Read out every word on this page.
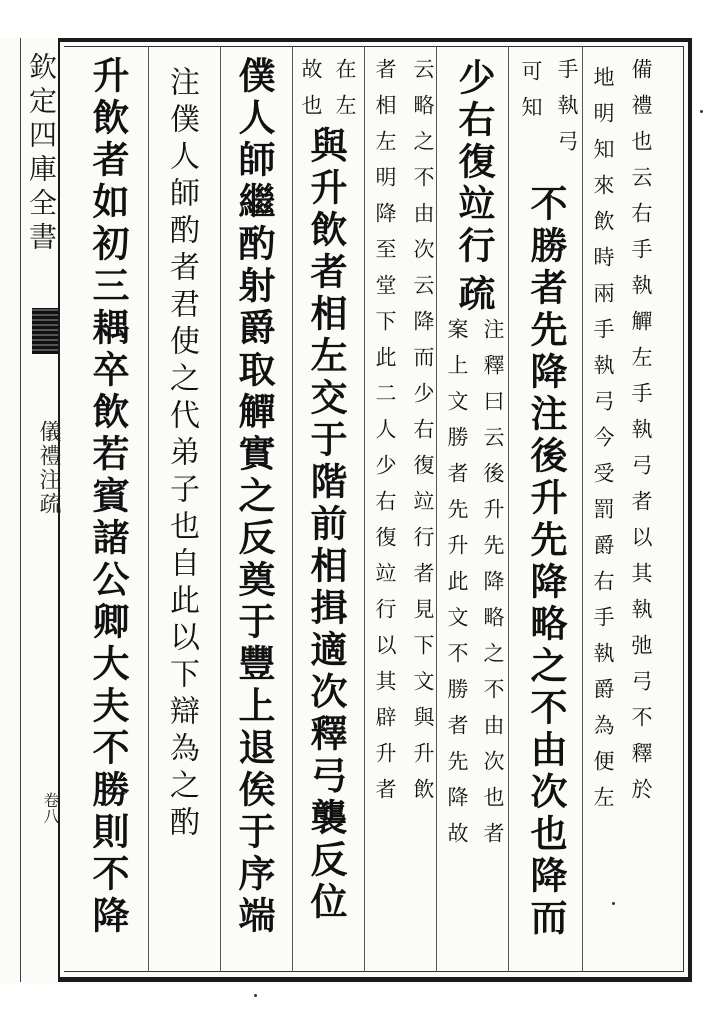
欽定四庫全書
儀禮注疏
卷八	備禮也云右手執觶左手執弓者以其執弛弓不釋於
地明知來飲時兩手執弓今受罰爵右手執爵為便左
手執弓
可知
不勝者先降注後升先降略之不由次也降而
少右復竝行
疏
注釋曰云後升先降略之不由次也者
案上文勝者先升此文不勝者先降故
云略之不由次云降而少右復竝行者見下文與升飲
者相左明降至堂下此二人少右復竝行以其辟升者
在左
故也
與升飲者相左交于階前相揖適次釋弓襲反位
僕人師繼酌射爵取觶實之反奠于豐上退俟于序端
注僕人師酌者君使之代弟子也自此以下辯為之酌
升飲者如初三耦卒飲若賓諸公卿大夫不勝則不降
